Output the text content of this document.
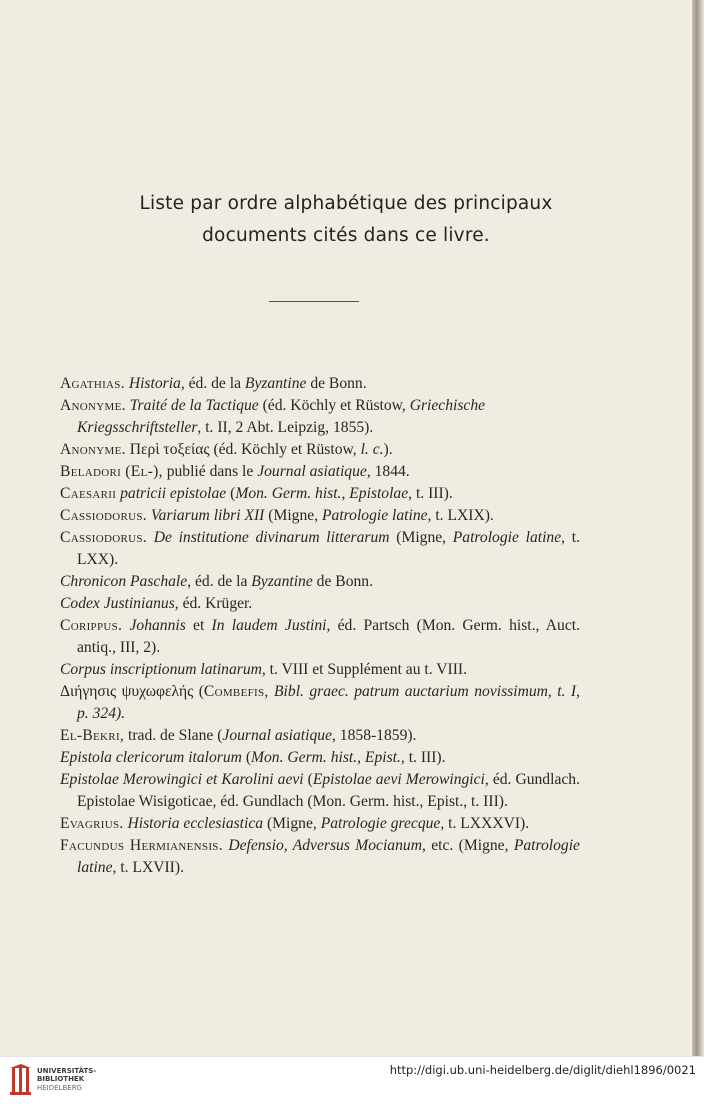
Liste par ordre alphabétique des principaux
documents cités dans ce livre.

Agathias. Historia, éd. de la Byzantine de Bonn.

Anonyme. Traité de la Tactique (éd. Köchly et Rüstow, Griechische Kriegsschriftsteller, t. II, 2 Abt. Leipzig, 1855).

Anonyme. Περὶ τοξείας (éd. Köchly et Rüstow, l. c.).

Beladori (El-), publié dans le Journal asiatique, 1844.

Caesarii patricii epistolae (Mon. Germ. hist., Epistolae, t. III).

Cassiodorus. Variarum libri XII (Migne, Patrologie latine, t. LXIX).

Cassiodorus. De institutione divinarum litterarum (Migne, Patrologie latine, t. LXX).

Chronicon Paschale, éd. de la Byzantine de Bonn.

Codex Justinianus, éd. Krüger.

Corippus. Johannis et In laudem Justini, éd. Partsch (Mon. Germ. hist., Auct. antiq., III, 2).

Corpus inscriptionum latinarum, t. VIII et Supplément au t. VIII.

Διήγησις ψυχωφελής (Combefis, Bibl. graec. patrum auctarium novissimum, t. I, p. 324).

El-Bekri, trad. de Slane (Journal asiatique, 1858-1859).

Epistola clericorum italorum (Mon. Germ. hist., Epist., t. III).

Epistolae Merowingici et Karolini aevi (Epistolae aevi Merowingici, éd. Gundlach. Epistolae Wisigoticae, éd. Gundlach (Mon. Germ. hist., Epist., t. III).

Evagrius. Historia ecclesiastica (Migne, Patrologie grecque, t. LXXXVI).

Facundus Hermianensis. Defensio, Adversus Mocianum, etc. (Migne, Patrologie latine, t. LXVII).

UNIVERSITÄTS-
BIBLIOTHEK
HEIDELBERG
http://digi.ub.uni-heidelberg.de/diglit/diehl1896/0021
